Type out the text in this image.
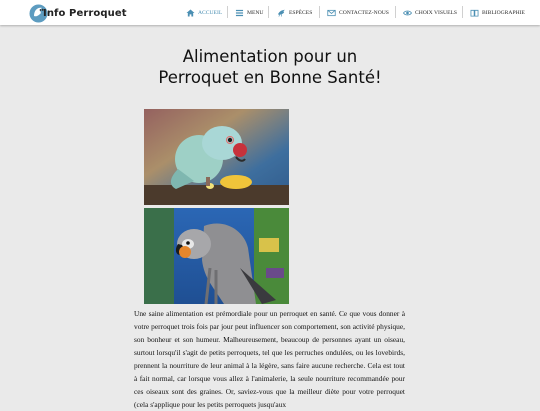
Info Perroquet	ACCUEIL	MENU	ESPÈCES	CONTACTEZ-NOUS	CHOIX VISUELS	BIBLIOGRAPHIE
Alimentation pour un
Perroquet en Bonne Santé!

Une saine alimentation est prémordiale pour un perroquet en santé. Ce que vous donner à votre perroquet trois fois par jour peut influencer son comportement, son activité physique, son bonheur et son humeur. Malheureusement, beaucoup de personnes ayant un oiseau, surtout lorsqu'il s'agit de petits perroquets, tel que les perruches ondulées, ou les lovebirds, prennent la nourriture de leur animal à la légère, sans faire aucune recherche. Cela est tout à fait normal, car lorsque vous allez à l'animalerie, la seule nourriture recommandée pour ces oiseaux sont des graines. Or, saviez-vous que la meilleur diète pour votre perroquet (cela s'applique pour les petits perroquets jusqu'aux
